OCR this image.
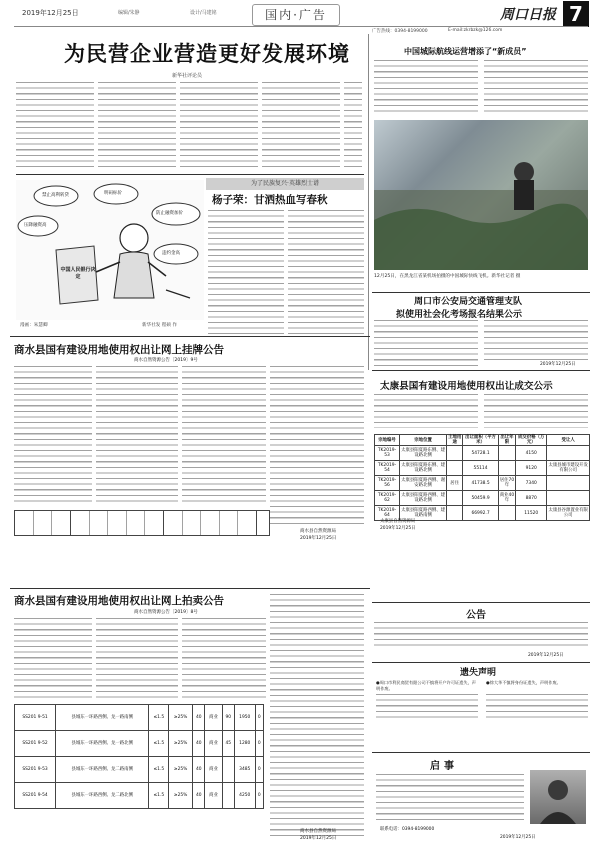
2019年12月25日	编辑/朱静	设计/马建铭	国内·广告	周口日报 7
广告热线：0394-8199000	E-mail:zkrbzk@126.com
为民营企业营造更好发展环境
新华社评论员
禁止高利转贷	明码标价
压降融资高
防止融资加价
违约金高
中国人民银行决定
漫画：朱慧卿	新华社发 程硕 作
为了民族复兴·英雄烈士谱
杨子荣：甘洒热血写春秋
中国城际航线运营增添了“新成员”
12月25日，在黑龙江省某机场拍摄的中国城际快线飞机。新华社记者 摄
周口市公安局交通管理支队
拟使用社会化考场报名结果公示
2019年12月25日
商水县国有建设用地使用权出让网上挂牌公告
商水自然资源公告〔2019〕9号
商水县自然资源局
2019年12月25日
太康县国有建设用地使用权出让成交公示
宗地编号	宗地位置	土地用途	出让面积（平方米）	出让年限	成交价格（万元）	受让人
TK2019-53	太康县阳夏路东侧、建设路北侧		54728.1		4150	
TK2019-54	太康县阳夏路东侧、建设路北侧		55114		9120	太康县城市建设开发有限公司
TK2019-56	太康县阳夏路西侧、谢安路北侧	居住	41738.5	居住70年	7340	
TK2019-62	太康县阳夏路西侧、建设路北侧		50459.9	商业40年	8870	
TK2019-64	太康县阳夏路西侧、建设路南侧		66992.7		11520	太康县谷源置业有限公司
太康县自然资源局
2019年12月25日
商水县国有建设用地使用权出让网上拍卖公告
商水自然资源公告〔2019〕8号
SS201 9-51	县城东一环路西侧、龙一路南侧	≤1.5	≥25%	40	商业	90	1950	0
SS201 9-52	县城东一环路西侧、龙一路北侧	≤1.5	≥25%	40	商业	45	1280	0
SS201 9-53	县城东一环路西侧、龙二路南侧	≤1.5	≥25%	40	商业		3485	0
SS201 9-54	县城东一环路西侧、龙二路北侧	≤1.5	≥25%	40	商业		4250	0
商水县自然资源局
2019年12月25日
公告
2019年12月25日
遗失声明
●周口市利民商贸有限公司不慎将开户许可证遗失，声明作废。
●徐大华不慎将身份证遗失，声明作废。
启事
联系电话：0394-8199000
2019年12月25日
